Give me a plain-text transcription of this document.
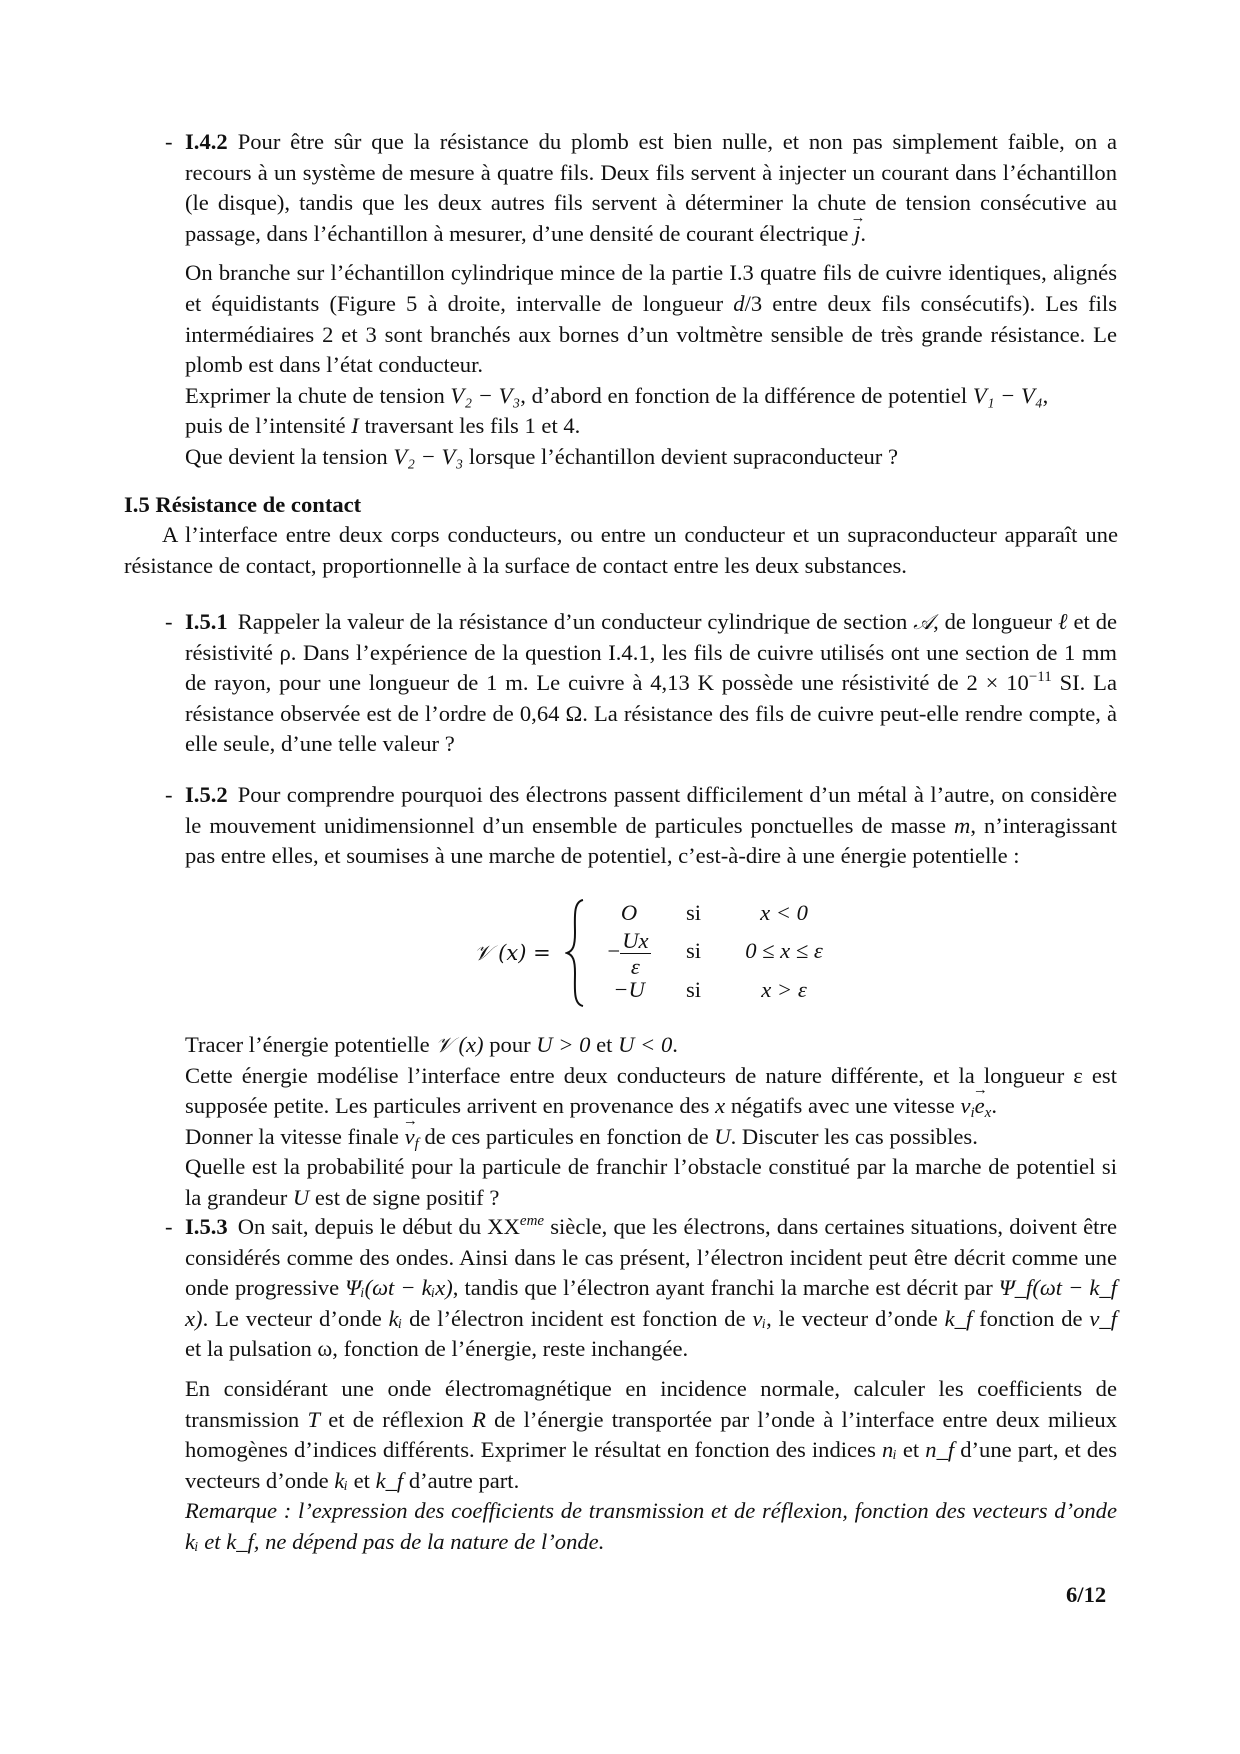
- I.4.2 Pour être sûr que la résistance du plomb est bien nulle, et non pas simplement faible, on a recours à un système de mesure à quatre fils. Deux fils servent à injecter un courant dans l’échantillon (le disque), tandis que les deux autres fils servent à déterminer la chute de tension consécutive au passage, dans l’échantillon à mesurer, d’une densité de courant électrique → j.

On branche sur l’échantillon cylindrique mince de la partie I.3 quatre fils de cuivre identiques, alignés et équidistants (Figure 5 à droite, intervalle de longueur d/3 entre deux fils consécutifs). Les fils intermédiaires 2 et 3 sont branchés aux bornes d’un voltmètre sensible de très grande résistance. Le plomb est dans l’état conducteur.

Exprimer la chute de tension V₂ − V₃, d’abord en fonction de la différence de potentiel V₁ − V₄,

puis de l’intensité I traversant les fils 1 et 4.

Que devient la tension V₂ − V₃ lorsque l’échantillon devient supraconducteur ?

I.5 Résistance de contact

A l’interface entre deux corps conducteurs, ou entre un conducteur et un supraconducteur apparaît une résistance de contact, proportionnelle à la surface de contact entre les deux substances.

- I.5.1 Rappeler la valeur de la résistance d’un conducteur cylindrique de section 𝒜, de longueur ℓ et de résistivité ρ. Dans l’expérience de la question I.4.1, les fils de cuivre utilisés ont une section de 1 mm de rayon, pour une longueur de 1 m. Le cuivre à 4,13 K possède une résistivité de $2 \times 10^{-11}$ SI. La résistance observée est de l’ordre de 0,64 Ω. La résistance des fils de cuivre peut-elle rendre compte, à elle seule, d’une telle valeur ?

- I.5.2 Pour comprendre pourquoi des électrons passent difficilement d’un métal à l’autre, on considère le mouvement unidimensionnel d’un ensemble de particules ponctuelles de masse m, n’interagissant pas entre elles, et soumises à une marche de potentiel, c’est-à-dire à une énergie potentielle :

𝒱 (x) =
O	si	x < 0
− $\frac{Ux}{\varepsilon}$ si	0 ≤ x ≤ ε
−U	si	x > ε

Tracer l’énergie potentielle 𝒱 (x) pour U > 0 et U < 0.

Cette énergie modélise l’interface entre deux conducteurs de nature différente, et la longueur ε est supposée petite. Les particules arrivent en provenance des x négatifs avec une vitesse $v_i\to e_x$.

Donner la vitesse finale → $v_f$ de ces particules en fonction de U. Discuter les cas possibles.

Quelle est la probabilité pour la particule de franchir l’obstacle constitué par la marche de potentiel si la grandeur U est de signe positif ?

- I.5.3 On sait, depuis le début du XXeme siècle, que les électrons, dans certaines situations, doivent être considérés comme des ondes. Ainsi dans le cas présent, l’électron incident peut être décrit comme une onde progressive Ψᵢ(ωt − kᵢx), tandis que l’électron ayant franchi la marche est décrit par Ψ_f(ωt − k_f x). Le vecteur d’onde kᵢ de l’électron incident est fonction de vᵢ, le vecteur d’onde k_f fonction de v_f et la pulsation ω, fonction de l’énergie, reste inchangée.

En considérant une onde électromagnétique en incidence normale, calculer les coefficients de transmission T et de réflexion R de l’énergie transportée par l’onde à l’interface entre deux milieux homogènes d’indices différents. Exprimer le résultat en fonction des indices nᵢ et n_f d’une part, et des vecteurs d’onde kᵢ et k_f d’autre part.

Remarque : l’expression des coefficients de transmission et de réflexion, fonction des vecteurs d’onde kᵢ et k_f, ne dépend pas de la nature de l’onde.

6/12
